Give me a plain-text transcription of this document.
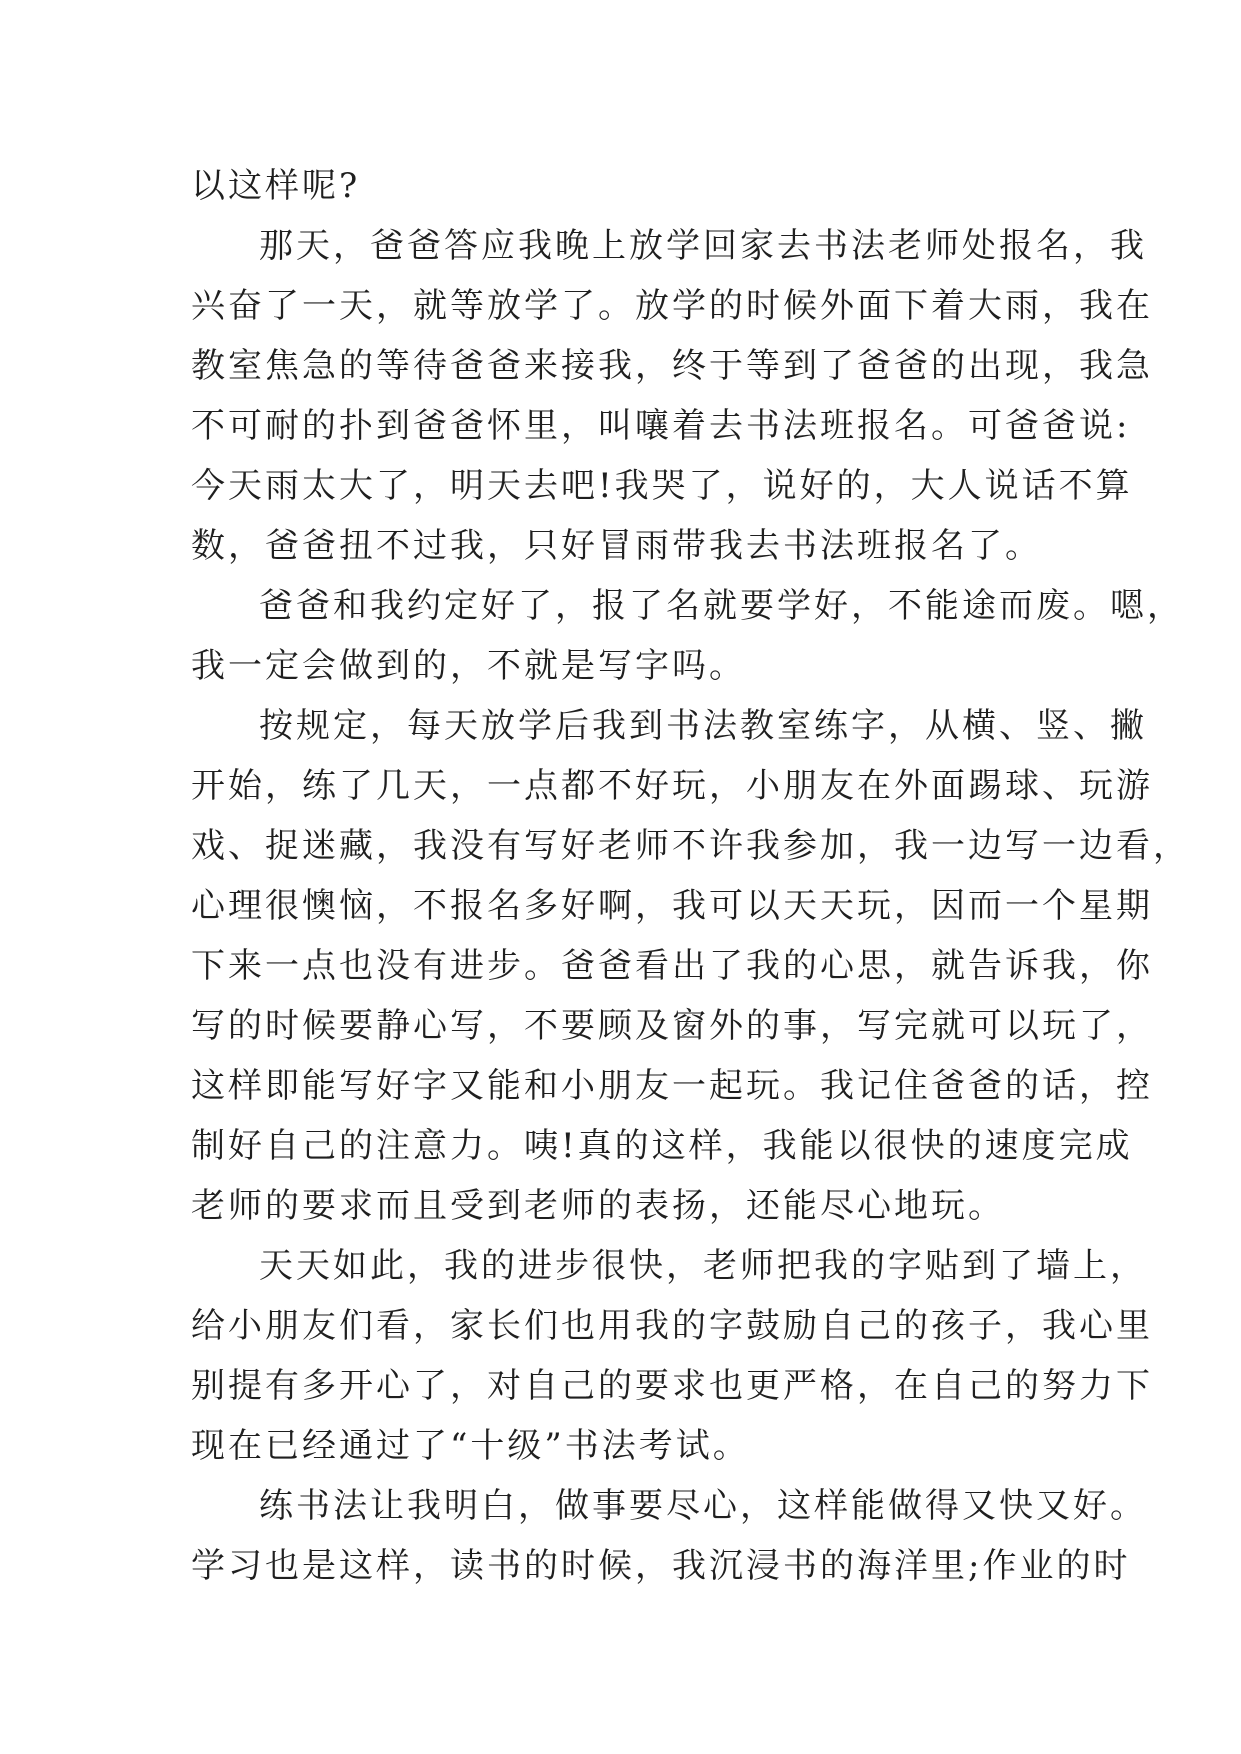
以这样呢?
那天，爸爸答应我晚上放学回家去书法老师处报名，我
兴奋了一天，就等放学了。放学的时候外面下着大雨，我在
教室焦急的等待爸爸来接我，终于等到了爸爸的出现，我急
不可耐的扑到爸爸怀里，叫嚷着去书法班报名。可爸爸说:
今天雨太大了，明天去吧!我哭了，说好的，大人说话不算
数，爸爸扭不过我，只好冒雨带我去书法班报名了。
爸爸和我约定好了，报了名就要学好，不能途而废。嗯，
我一定会做到的，不就是写字吗。
按规定，每天放学后我到书法教室练字，从横、竖、撇
开始，练了几天，一点都不好玩，小朋友在外面踢球、玩游
戏、捉迷藏，我没有写好老师不许我参加，我一边写一边看，
心理很懊恼，不报名多好啊，我可以天天玩，因而一个星期
下来一点也没有进步。爸爸看出了我的心思，就告诉我，你
写的时候要静心写，不要顾及窗外的事，写完就可以玩了，
这样即能写好字又能和小朋友一起玩。我记住爸爸的话，控
制好自己的注意力。咦!真的这样，我能以很快的速度完成
老师的要求而且受到老师的表扬，还能尽心地玩。
天天如此，我的进步很快，老师把我的字贴到了墙上，
给小朋友们看，家长们也用我的字鼓励自己的孩子，我心里
别提有多开心了，对自己的要求也更严格，在自己的努力下
现在已经通过了“十级”书法考试。
练书法让我明白，做事要尽心，这样能做得又快又好。
学习也是这样，读书的时候，我沉浸书的海洋里;作业的时
